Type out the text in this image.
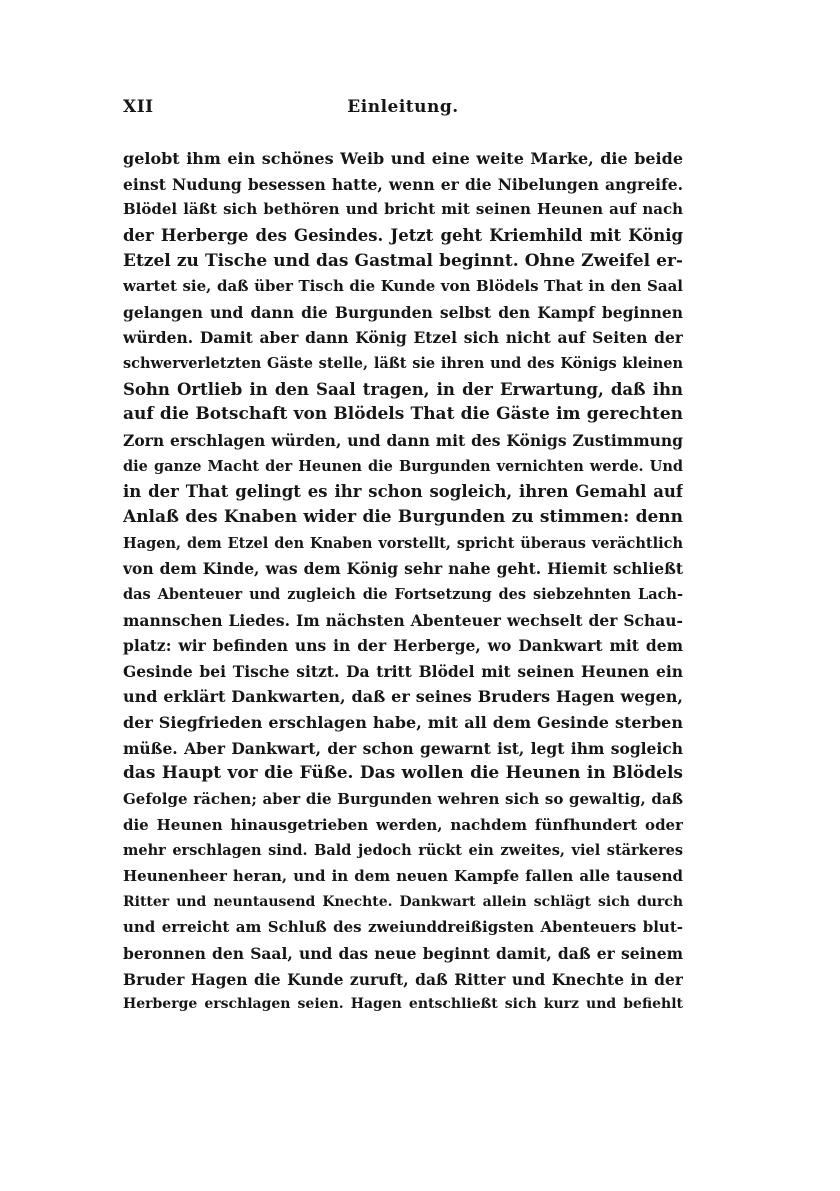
XII	Einleitung.
gelobt ihm ein schönes Weib und eine weite Marke, die beide
einst Nudung besessen hatte, wenn er die Nibelungen angreife.
Blödel läßt sich bethören und bricht mit seinen Heunen auf nach
der Herberge des Gesindes. Jetzt geht Kriemhild mit König
Etzel zu Tische und das Gastmal beginnt. Ohne Zweifel er-
wartet sie, daß über Tisch die Kunde von Blödels That in den Saal
gelangen und dann die Burgunden selbst den Kampf beginnen
würden. Damit aber dann König Etzel sich nicht auf Seiten der
schwerverletzten Gäste stelle, läßt sie ihren und des Königs kleinen
Sohn Ortlieb in den Saal tragen, in der Erwartung, daß ihn
auf die Botschaft von Blödels That die Gäste im gerechten
Zorn erschlagen würden, und dann mit des Königs Zustimmung
die ganze Macht der Heunen die Burgunden vernichten werde. Und
in der That gelingt es ihr schon sogleich, ihren Gemahl auf
Anlaß des Knaben wider die Burgunden zu stimmen: denn
Hagen, dem Etzel den Knaben vorstellt, spricht überaus verächtlich
von dem Kinde, was dem König sehr nahe geht. Hiemit schließt
das Abenteuer und zugleich die Fortsetzung des siebzehnten Lach-
mannschen Liedes. Im nächsten Abenteuer wechselt der Schau-
platz: wir befinden uns in der Herberge, wo Dankwart mit dem
Gesinde bei Tische sitzt. Da tritt Blödel mit seinen Heunen ein
und erklärt Dankwarten, daß er seines Bruders Hagen wegen,
der Siegfrieden erschlagen habe, mit all dem Gesinde sterben
müße. Aber Dankwart, der schon gewarnt ist, legt ihm sogleich
das Haupt vor die Füße. Das wollen die Heunen in Blödels
Gefolge rächen; aber die Burgunden wehren sich so gewaltig, daß
die Heunen hinausgetrieben werden, nachdem fünfhundert oder
mehr erschlagen sind. Bald jedoch rückt ein zweites, viel stärkeres
Heunenheer heran, und in dem neuen Kampfe fallen alle tausend
Ritter und neuntausend Knechte. Dankwart allein schlägt sich durch
und erreicht am Schluß des zweiunddreißigsten Abenteuers blut-
beronnen den Saal, und das neue beginnt damit, daß er seinem
Bruder Hagen die Kunde zuruft, daß Ritter und Knechte in der
Herberge erschlagen seien. Hagen entschließt sich kurz und befiehlt
